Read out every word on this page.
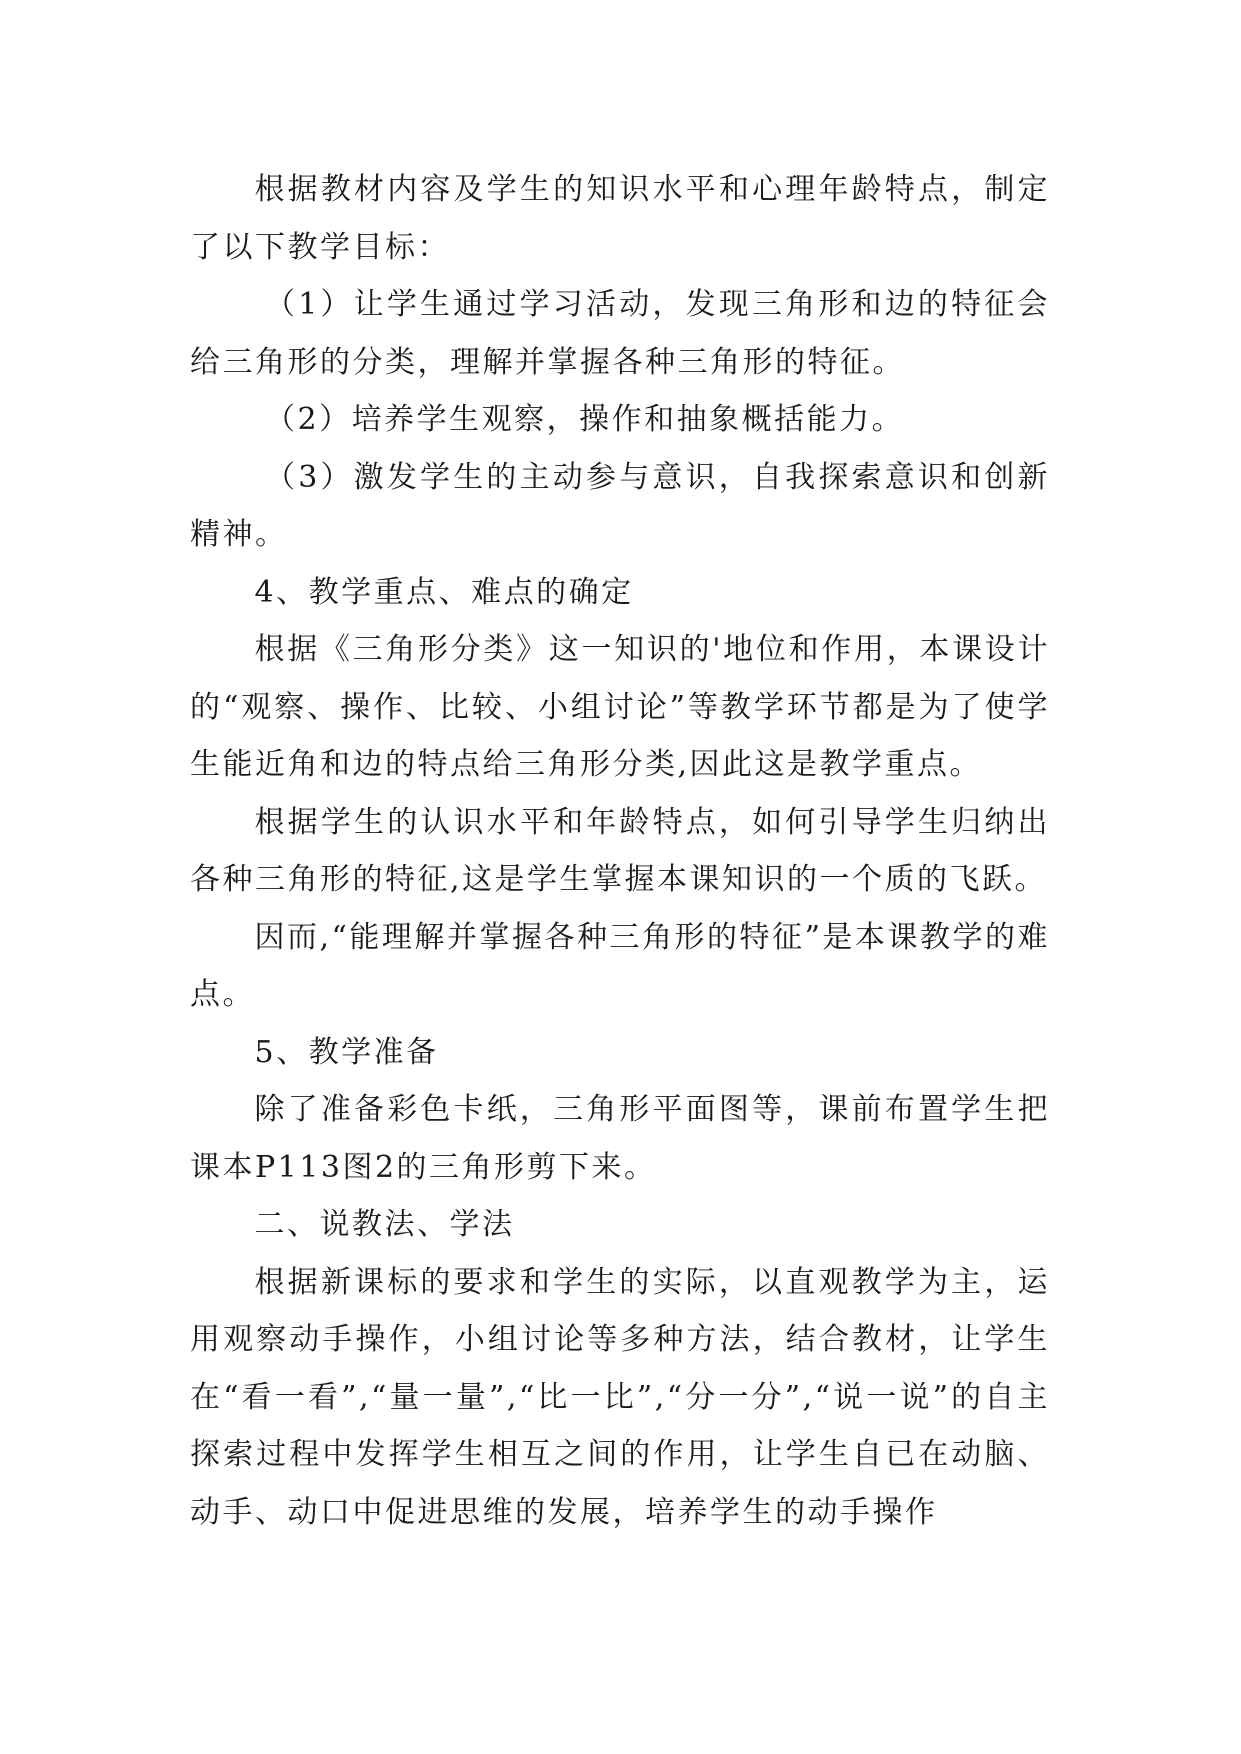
根据教材内容及学生的知识水平和心理年龄特点，制定了以下教学目标：

（1）让学生通过学习活动，发现三角形和边的特征会给三角形的分类，理解并掌握各种三角形的特征。

（2）培养学生观察，操作和抽象概括能力。

（3）激发学生的主动参与意识，自我探索意识和创新精神。

4、教学重点、难点的确定

根据《三角形分类》这一知识的'地位和作用，本课设计的“观察、操作、比较、小组讨论”等教学环节都是为了使学生能近角和边的特点给三角形分类,因此这是教学重点。

根据学生的认识水平和年龄特点，如何引导学生归纳出各种三角形的特征,这是学生掌握本课知识的一个质的飞跃。

因而,“能理解并掌握各种三角形的特征”是本课教学的难点。

5、教学准备

除了准备彩色卡纸，三角形平面图等，课前布置学生把课本P113图2的三角形剪下来。

二、说教法、学法

根据新课标的要求和学生的实际，以直观教学为主，运用观察动手操作，小组讨论等多种方法，结合教材，让学生在“看一看”,“量一量”,“比一比”,“分一分”,“说一说”的自主探索过程中发挥学生相互之间的作用，让学生自已在动脑、动手、动口中促进思维的发展，培养学生的动手操作
